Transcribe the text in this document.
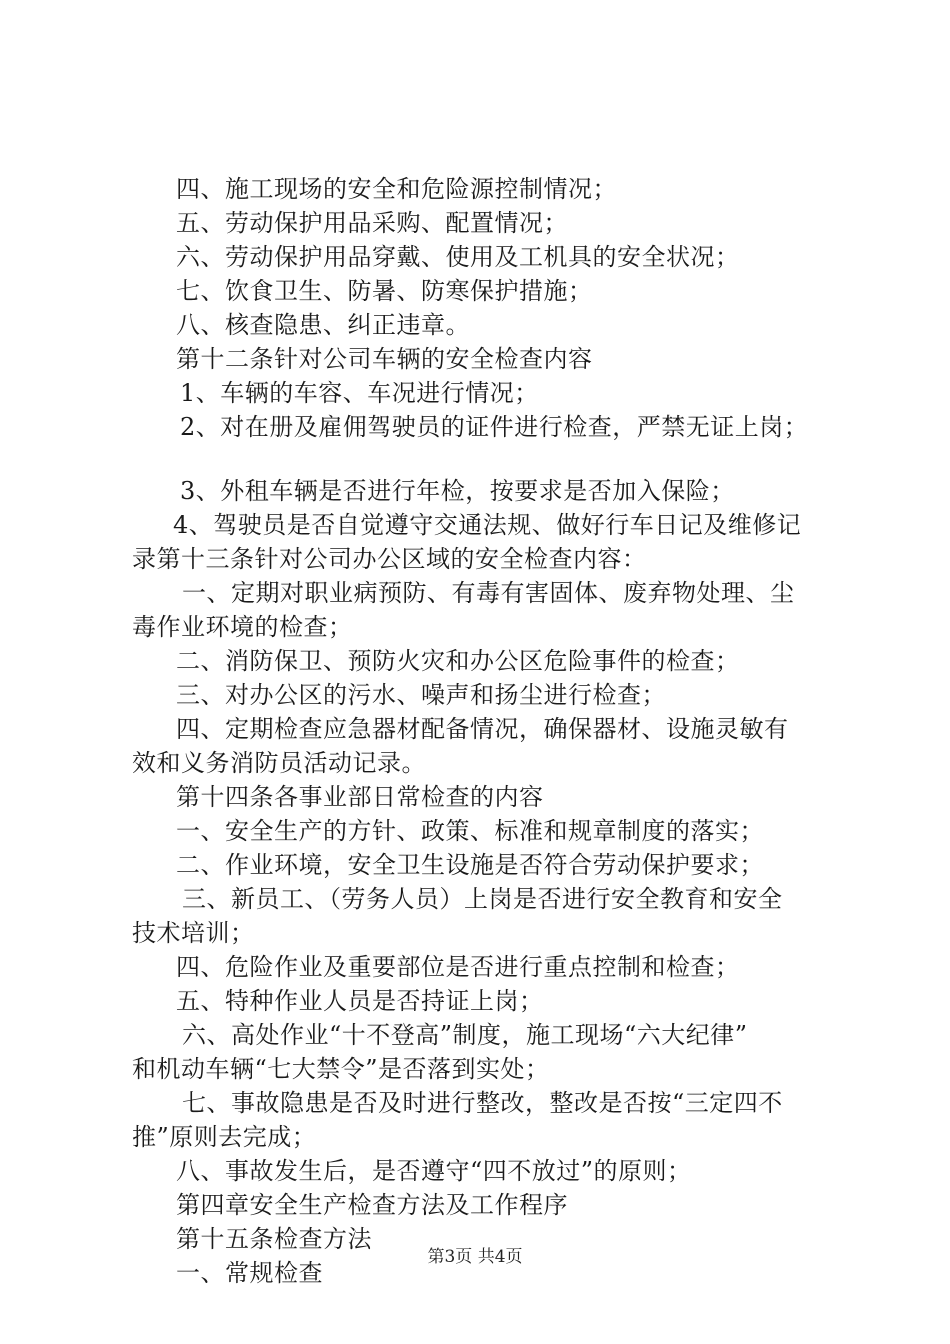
四、施工现场的安全和危险源控制情况；
五、劳动保护用品采购、配置情况；
六、劳动保护用品穿戴、使用及工机具的安全状况；
七、饮食卫生、防暑、防寒保护措施；
八、核查隐患、纠正违章。
第十二条针对公司车辆的安全检查内容
1、车辆的车容、车况进行情况；
2、对在册及雇佣驾驶员的证件进行检查，严禁无证上岗；
3、外租车辆是否进行年检，按要求是否加入保险；
4、驾驶员是否自觉遵守交通法规、做好行车日记及维修记
录第十三条针对公司办公区域的安全检查内容：
一、定期对职业病预防、有毒有害固体、废弃物处理、尘
毒作业环境的检查；
二、消防保卫、预防火灾和办公区危险事件的检查；
三、对办公区的污水、噪声和扬尘进行检查；
四、定期检查应急器材配备情况，确保器材、设施灵敏有
效和义务消防员活动记录。
第十四条各事业部日常检查的内容
一、安全生产的方针、政策、标准和规章制度的落实；
二、作业环境，安全卫生设施是否符合劳动保护要求；
三、新员工、（劳务人员）上岗是否进行安全教育和安全
技术培训；
四、危险作业及重要部位是否进行重点控制和检查；
五、特种作业人员是否持证上岗；
六、高处作业“十不登高”制度，施工现场“六大纪律”
和机动车辆“七大禁令”是否落到实处；
七、事故隐患是否及时进行整改，整改是否按“三定四不
推”原则去完成；
八、事故发生后，是否遵守“四不放过”的原则；
第四章安全生产检查方法及工作程序
第十五条检查方法
一、常规检查
第3页 共4页
